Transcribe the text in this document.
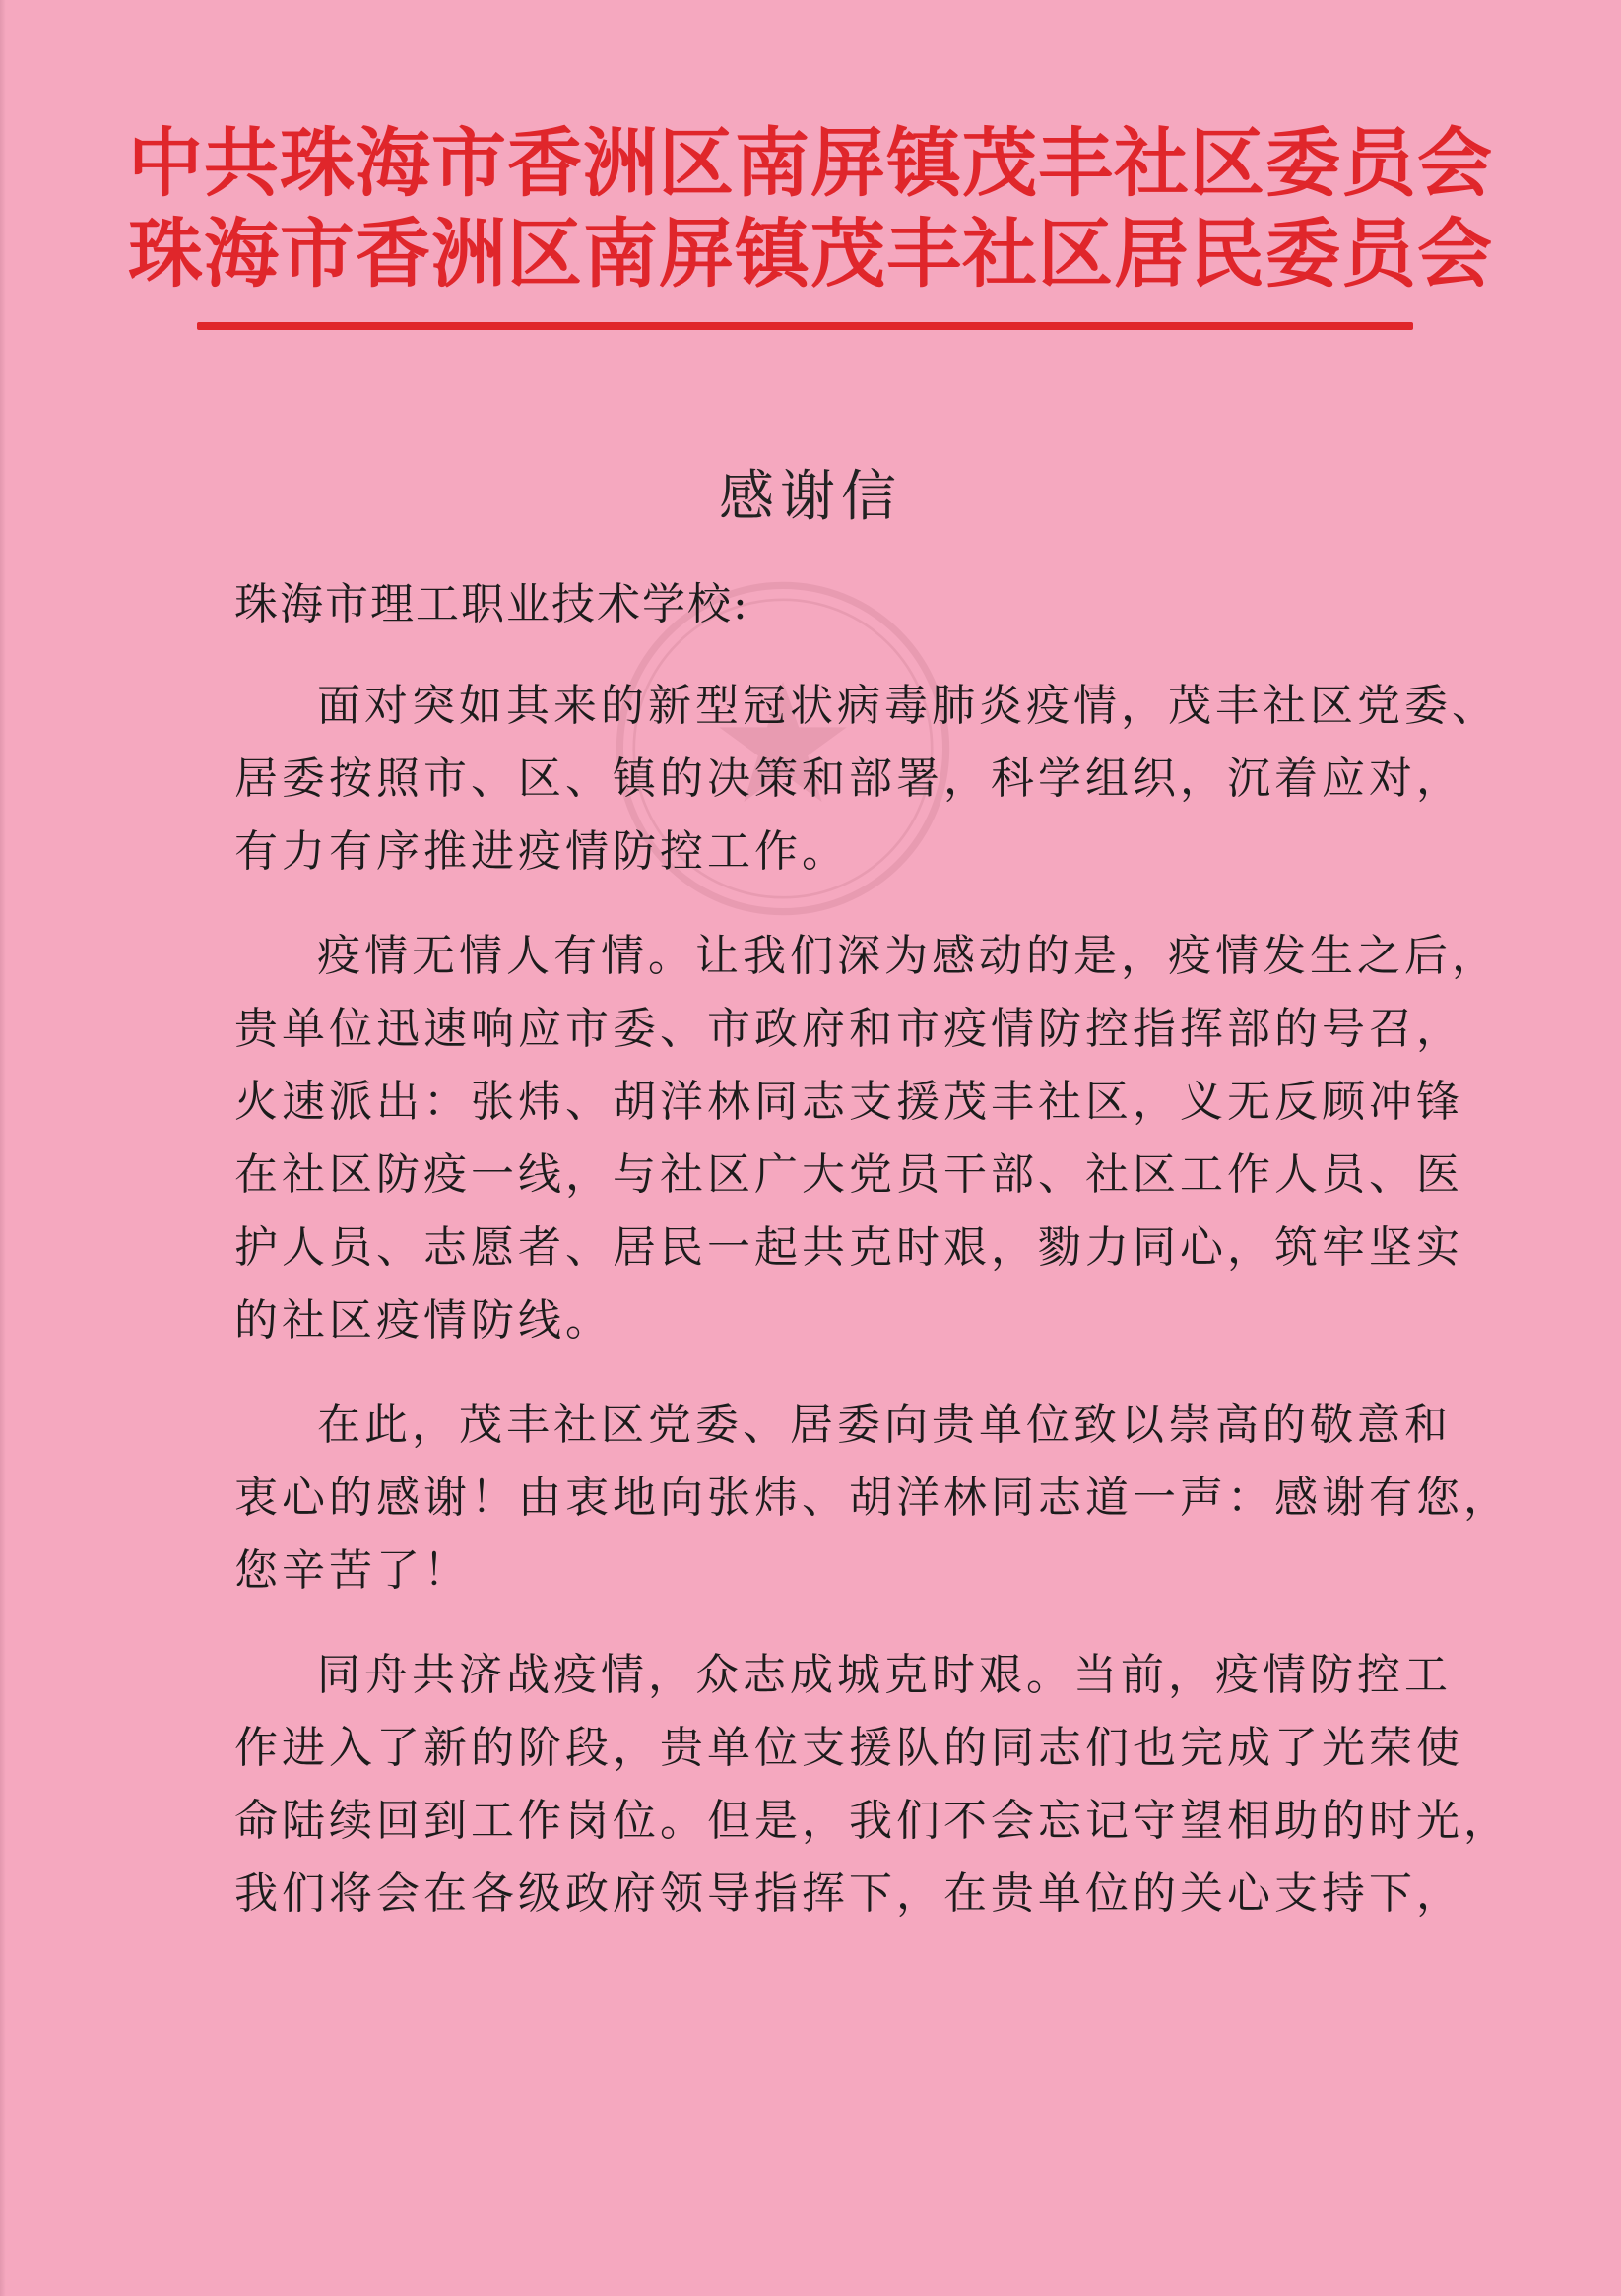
中共珠海市香洲区南屏镇茂丰社区委员会
珠海市香洲区南屏镇茂丰社区居民委员会
感谢信
珠海市理工职业技术学校:
面对突如其来的新型冠状病毒肺炎疫情，茂丰社区党委、
居委按照市、区、镇的决策和部署，科学组织，沉着应对，
有力有序推进疫情防控工作。
疫情无情人有情。让我们深为感动的是，疫情发生之后，
贵单位迅速响应市委、市政府和市疫情防控指挥部的号召，
火速派出：张炜、胡洋林同志支援茂丰社区，义无反顾冲锋
在社区防疫一线，与社区广大党员干部、社区工作人员、医
护人员、志愿者、居民一起共克时艰，勠力同心，筑牢坚实
的社区疫情防线。
在此，茂丰社区党委、居委向贵单位致以崇高的敬意和
衷心的感谢！由衷地向张炜、胡洋林同志道一声：感谢有您，
您辛苦了！
同舟共济战疫情，众志成城克时艰。当前，疫情防控工
作进入了新的阶段，贵单位支援队的同志们也完成了光荣使
命陆续回到工作岗位。但是，我们不会忘记守望相助的时光，
我们将会在各级政府领导指挥下，在贵单位的关心支持下，
